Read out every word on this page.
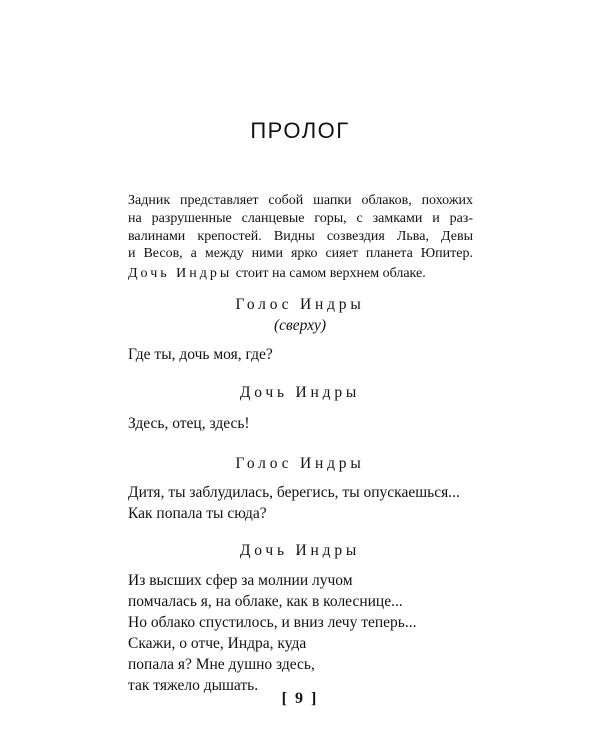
ПРОЛОГ
Задник представляет собой шапки облаков, похожих
на разрушенные сланцевые горы, с замками и раз-
валинами крепостей. Видны созвездия Льва, Девы
и Весов, а между ними ярко сияет планета Юпитер.

Дочь Индры стоит на самом верхнем облаке.

Голос Индры
(сверху)
Где ты, дочь моя, где?
Дочь Индры
Здесь, отец, здесь!
Голос Индры
Дитя, ты заблудилась, берегись, ты опускаешься...
Как попала ты сюда?
Дочь Индры
Из высших сфер за молнии лучом
помчалась я, на облаке, как в колеснице...
Но облако спустилось, и вниз лечу теперь...
Скажи, о отче, Индра, куда
попала я? Мне душно здесь,
так тяжело дышать.
[ 9 ]
